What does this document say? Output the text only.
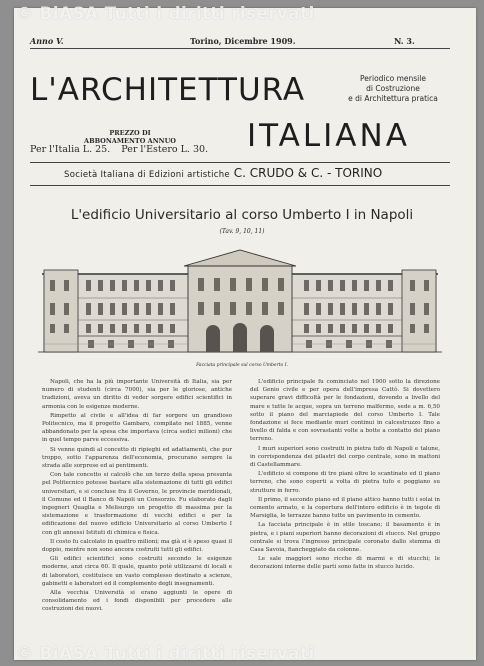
© BiASA Tutti i diritti riservati
Anno V.	Torino, Dicembre 1909.	N. 3.
L'ARCHITETTURA	Periodico mensile
di Costruzione
e di Architettura pratica
PREZZO DI ABBONAMENTO ANNUO
Per l'Italia L. 25. Per l'Estero L. 30. ITALIANA
Società Italiana di Edizioni artistiche C. CRUDO & C. - TORINO
L'edificio Universitario al corso Umberto I in Napoli
(Tav. 9, 10, 11)
Facciata principale sul corso Umberto I.

Napoli, che ha la più importante Università di Italia, sia per numero di studenti (circa 7000), sia per le gloriose, antiche tradizioni, aveva un diritto di veder sorgere edifici scientifici in armonia con le esigenze moderne.

Rimpetto al civile e all'idea di far sorgere un grandioso Politecnico, ma il progetto Gambaro, compilato nel 1885, venne abbandonato per la spesa che importava (circa sedici milioni) che in quel tempo parve eccessiva.

Si venne quindi al concetto di ripieghi ed adattamenti, che pur troppo, sotto l'apparenza dell'economia, procurano sempre la strada alle sorprese ed ai pentimenti.

Con tale concetto si calcolò che un terzo della spesa presunta pel Politecnico potesse bastare alla sistemazione di tutti gli edifici universitari, e si concluse fra il Governo, le provincie meridionali, il Comune ed il Banco di Napoli un Consorzio. Fu elaborato dagli ingegneri Quaglia e Melisurgo un progetto di massima per la sistemazione e trasformazione di vecchi edifici e per la edificazione del nuovo edificio Universitario al corso Umberto I con gli annessi Istituti di chimica e fisica.

Il costo fu calcolato in quattro milioni; ma già si è speso quasi il doppio, mentre non sono ancora costruiti tutti gli edifici.

Gli edifici scientifici sono costruiti secondo le esigenze moderne, anzi circa 60. Il quale, quanto potè utilizzarsi di locali e di laboratori, costituisce un vasto complesso destinato a scienze, gabinetti e laboratori ed il complemento degli insegnamenti.

Alla vecchia Università si erano aggiunti le opere di consolidamento ed i fondi disponibili per procedere alle costruzioni dei nuovi.

L'edificio principale fu cominciato nel 1900 sotto la direzione del Genio civile e per opera dell'impresa Cattò. Si dovettero superare gravi difficoltà per le fondazioni, dovendo a livello del mare e tutte le acque, sopra un terreno malfermo, sede a m. 6,50 sotto il piano del marciapiede del corso Umberto I. Tale fondazione si fece mediante muri continui in calcestruzzo fino a livello di falda e con sovrastanti volte a botte a contatto del piano terreno.

I muri superiori sono costruiti in pietra tufo di Napoli e talune, in corrispondenza dei pilastri del corpo centrale, sono in mattoni di Castellammare.

L'edificio si compone di tre piani oltre lo scantinato ed il piano terreno, che sono coperti a volta di pietra tufo e poggiano su strutture in ferro.

Il primo, il secondo piano ed il piano attico hanno tutti i solai in cemento armato, e la copertura dell'intero edificio è in tegole di Marsiglia, le terrazze hanno tutte un pavimento in cemento.

La facciata principale è in stile toscano; il basamento è in pietra, e i piani superiori hanno decorazioni di stucco. Nel gruppo centrale si trova l'ingresso principale coronato dallo stemma di Casa Savoia, fiancheggiato da colonne.

Le sale maggiori sono ricche di marmi e di stucchi; le decorazioni interne delle parti sono fatte in stucco lucido.

© BiASA Tutti i diritti riservati
